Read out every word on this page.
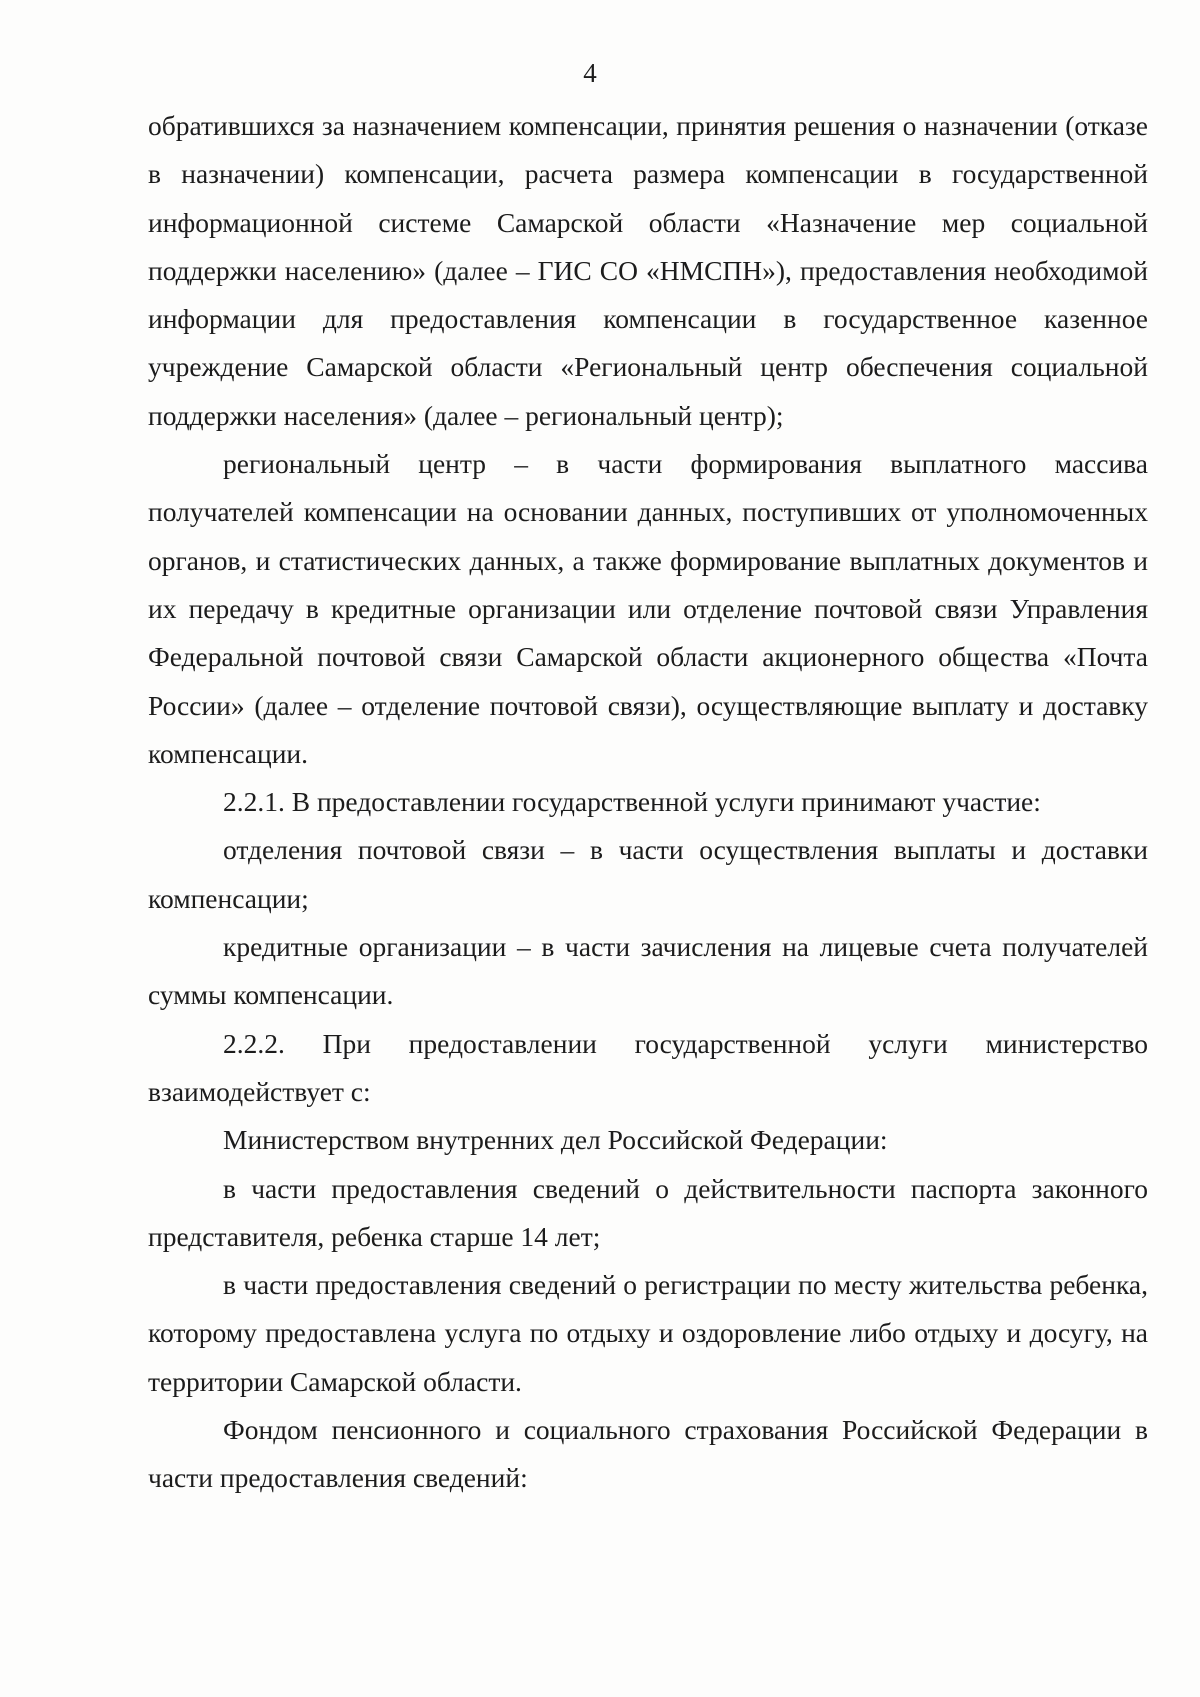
4

обратившихся за назначением компенсации, принятия решения о назначении (отказе в назначении) компенсации, расчета размера компенсации в государственной информационной системе Самарской области «Назначение мер социальной поддержки населению» (далее – ГИС СО «НМСПН»), предоставления необходимой информации для предоставления компенсации в государственное казенное учреждение Самарской области «Региональный центр обеспечения социальной поддержки населения» (далее – региональный центр);

региональный центр – в части формирования выплатного массива получателей компенсации на основании данных, поступивших от уполномоченных органов, и статистических данных, а также формирование выплатных документов и их передачу в кредитные организации или отделение почтовой связи Управления Федеральной почтовой связи Самарской области акционерного общества «Почта России» (далее – отделение почтовой связи), осуществляющие выплату и доставку компенсации.

2.2.1. В предоставлении государственной услуги принимают участие:

отделения почтовой связи – в части осуществления выплаты и доставки компенсации;

кредитные организации – в части зачисления на лицевые счета получателей суммы компенсации.

2.2.2. При предоставлении государственной услуги министерство взаимодействует с:

Министерством внутренних дел Российской Федерации:

в части предоставления сведений о действительности паспорта законного представителя, ребенка старше 14 лет;

в части предоставления сведений о регистрации по месту жительства ребенка, которому предоставлена услуга по отдыху и оздоровление либо отдыху и досугу, на территории Самарской области.

Фондом пенсионного и социального страхования Российской Федерации в части предоставления сведений:
